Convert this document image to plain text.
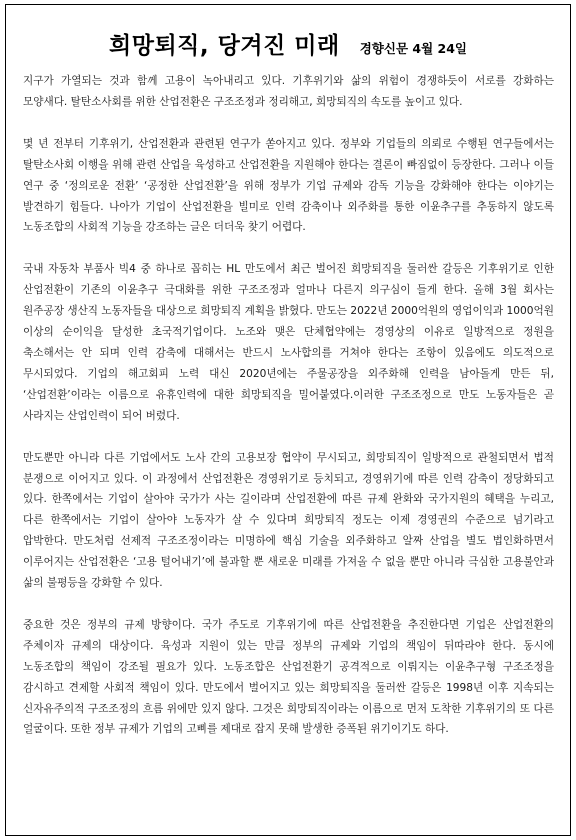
희망퇴직, 당겨진 미래 경향신문 4월 24일

지구가 가열되는 것과 함께 고용이 녹아내리고 있다. 기후위기와 삶의 위험이 경쟁하듯이 서로를 강화하는 모양새다. 탈탄소사회를 위한 산업전환은 구조조정과 정리해고, 희망퇴직의 속도를 높이고 있다.

몇 년 전부터 기후위기, 산업전환과 관련된 연구가 쏟아지고 있다. 정부와 기업들의 의뢰로 수행된 연구들에서는 탈탄소사회 이행을 위해 관련 산업을 육성하고 산업전환을 지원해야 한다는 결론이 빠짐없이 등장한다. 그러나 이들 연구 중 ‘정의로운 전환’ ‘공정한 산업전환’을 위해 정부가 기업 규제와 감독 기능을 강화해야 한다는 이야기는 발견하기 힘들다. 나아가 기업이 산업전환을 빌미로 인력 감축이나 외주화를 통한 이윤추구를 추동하지 않도록 노동조합의 사회적 기능을 강조하는 글은 더더욱 찾기 어렵다.

국내 자동차 부품사 빅4 중 하나로 꼽히는 HL 만도에서 최근 벌어진 희망퇴직을 둘러싼 갈등은 기후위기로 인한 산업전환이 기존의 이윤추구 극대화를 위한 구조조정과 얼마나 다른지 의구심이 들게 한다. 올해 3월 회사는 원주공장 생산직 노동자들을 대상으로 희망퇴직 계획을 밝혔다. 만도는 2022년 2000억원의 영업이익과 1000억원 이상의 순이익을 달성한 초국적기업이다. 노조와 맺은 단체협약에는 경영상의 이유로 일방적으로 정원을 축소해서는 안 되며 인력 감축에 대해서는 반드시 노사합의를 거쳐야 한다는 조항이 있음에도 의도적으로 무시되었다. 기업의 해고회피 노력 대신 2020년에는 주물공장을 외주화해 인력을 남아돌게 만든 뒤, ‘산업전환’이라는 이름으로 유휴인력에 대한 희망퇴직을 밀어붙였다.이러한 구조조정으로 만도 노동자들은 곧 사라지는 산업인력이 되어 버렸다.

만도뿐만 아니라 다른 기업에서도 노사 간의 고용보장 협약이 무시되고, 희망퇴직이 일방적으로 관철되면서 법적 분쟁으로 이어지고 있다. 이 과정에서 산업전환은 경영위기로 등치되고, 경영위기에 따른 인력 감축이 정당화되고 있다. 한쪽에서는 기업이 살아야 국가가 사는 길이라며 산업전환에 따른 규제 완화와 국가지원의 혜택을 누리고, 다른 한쪽에서는 기업이 살아야 노동자가 살 수 있다며 희망퇴직 정도는 이제 경영권의 수준으로 넘기라고 압박한다. 만도처럼 선제적 구조조정이라는 미명하에 핵심 기술을 외주화하고 알짜 산업을 별도 법인화하면서 이루어지는 산업전환은 ‘고용 털어내기’에 불과할 뿐 새로운 미래를 가져올 수 없을 뿐만 아니라 극심한 고용불안과 삶의 불평등을 강화할 수 있다.

중요한 것은 정부의 규제 방향이다. 국가 주도로 기후위기에 따른 산업전환을 추진한다면 기업은 산업전환의 주체이자 규제의 대상이다. 육성과 지원이 있는 만큼 정부의 규제와 기업의 책임이 뒤따라야 한다. 동시에 노동조합의 책임이 강조될 필요가 있다. 노동조합은 산업전환기 공격적으로 이뤄지는 이윤추구형 구조조정을 감시하고 견제할 사회적 책임이 있다. 만도에서 벌어지고 있는 희망퇴직을 둘러싼 갈등은 1998년 이후 지속되는 신자유주의적 구조조정의 흐름 위에만 있지 않다. 그것은 희망퇴직이라는 이름으로 먼저 도착한 기후위기의 또 다른 얼굴이다. 또한 정부 규제가 기업의 고삐를 제대로 잡지 못해 발생한 증폭된 위기이기도 하다.
